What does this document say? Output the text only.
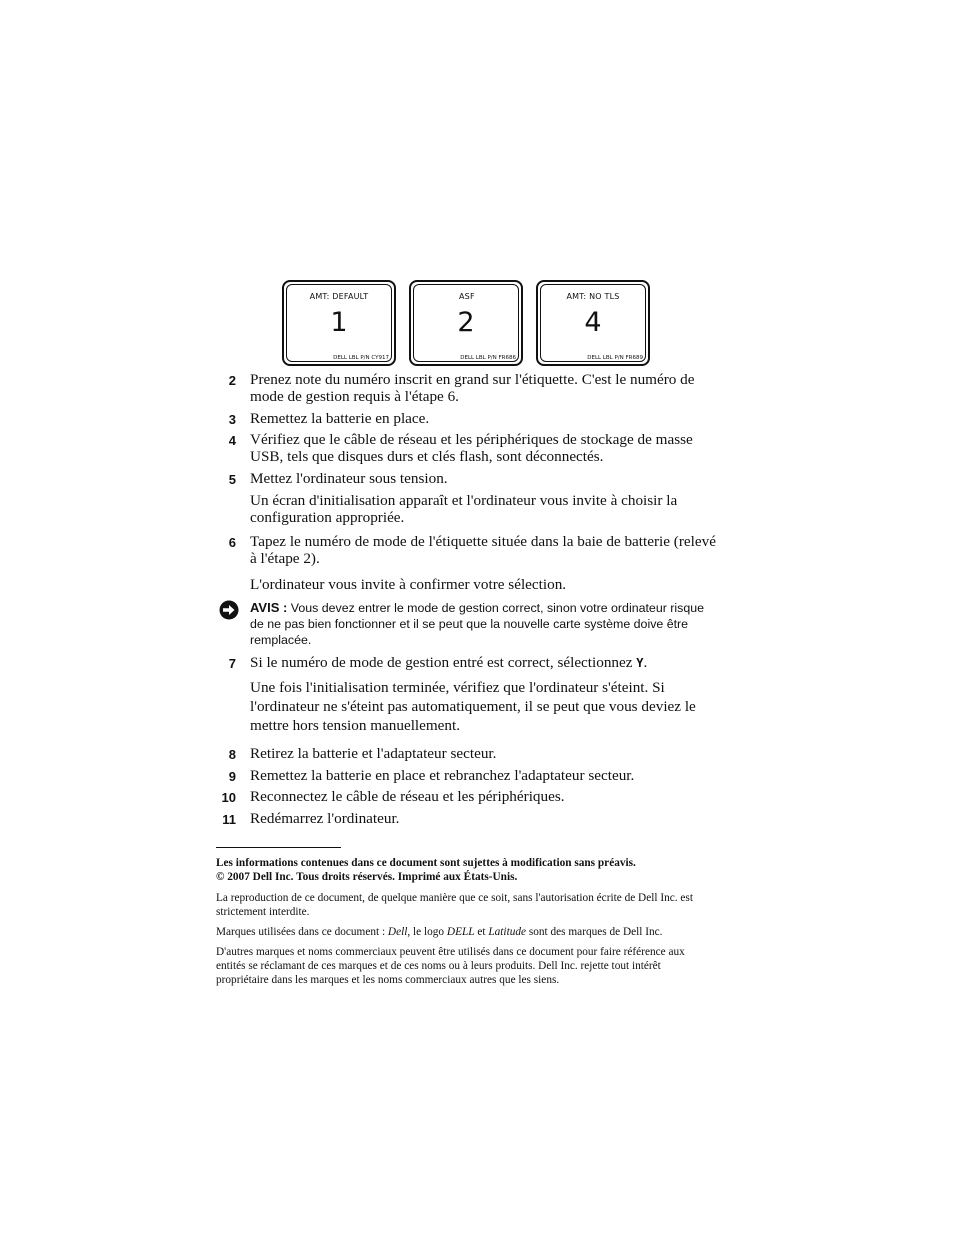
AMT: DEFAULT
1
DELL LBL P/N CY917
ASF
2
DELL LBL P/N FR686
AMT: NO TLS
4
DELL LBL P/N FR689
2 Prenez note du numéro inscrit en grand sur l'étiquette. C'est le numéro de mode de gestion requis à l'étape 6.
3 Remettez la batterie en place.
4 Vérifiez que le câble de réseau et les périphériques de stockage de masse USB, tels que disques durs et clés flash, sont déconnectés.
5 Mettez l'ordinateur sous tension.
Un écran d'initialisation apparaît et l'ordinateur vous invite à choisir la configuration appropriée.
6 Tapez le numéro de mode de l'étiquette située dans la baie de batterie (relevé à l'étape 2).
L'ordinateur vous invite à confirmer votre sélection.
AVIS : Vous devez entrer le mode de gestion correct, sinon votre ordinateur risque de ne pas bien fonctionner et il se peut que la nouvelle carte système doive être remplacée.
7 Si le numéro de mode de gestion entré est correct, sélectionnez Y.
Une fois l'initialisation terminée, vérifiez que l'ordinateur s'éteint. Si l'ordinateur ne s'éteint pas automatiquement, il se peut que vous deviez le mettre hors tension manuellement.
8 Retirez la batterie et l'adaptateur secteur.
9 Remettez la batterie en place et rebranchez l'adaptateur secteur.
10 Reconnectez le câble de réseau et les périphériques.
11 Redémarrez l'ordinateur.
Les informations contenues dans ce document sont sujettes à modification sans préavis.
© 2007 Dell Inc. Tous droits réservés. Imprimé aux États-Unis.
La reproduction de ce document, de quelque manière que ce soit, sans l'autorisation écrite de Dell Inc. est strictement interdite.
Marques utilisées dans ce document : Dell, le logo DELL et Latitude sont des marques de Dell Inc.
D'autres marques et noms commerciaux peuvent être utilisés dans ce document pour faire référence aux entités se réclamant de ces marques et de ces noms ou à leurs produits. Dell Inc. rejette tout intérêt propriétaire dans les marques et les noms commerciaux autres que les siens.
